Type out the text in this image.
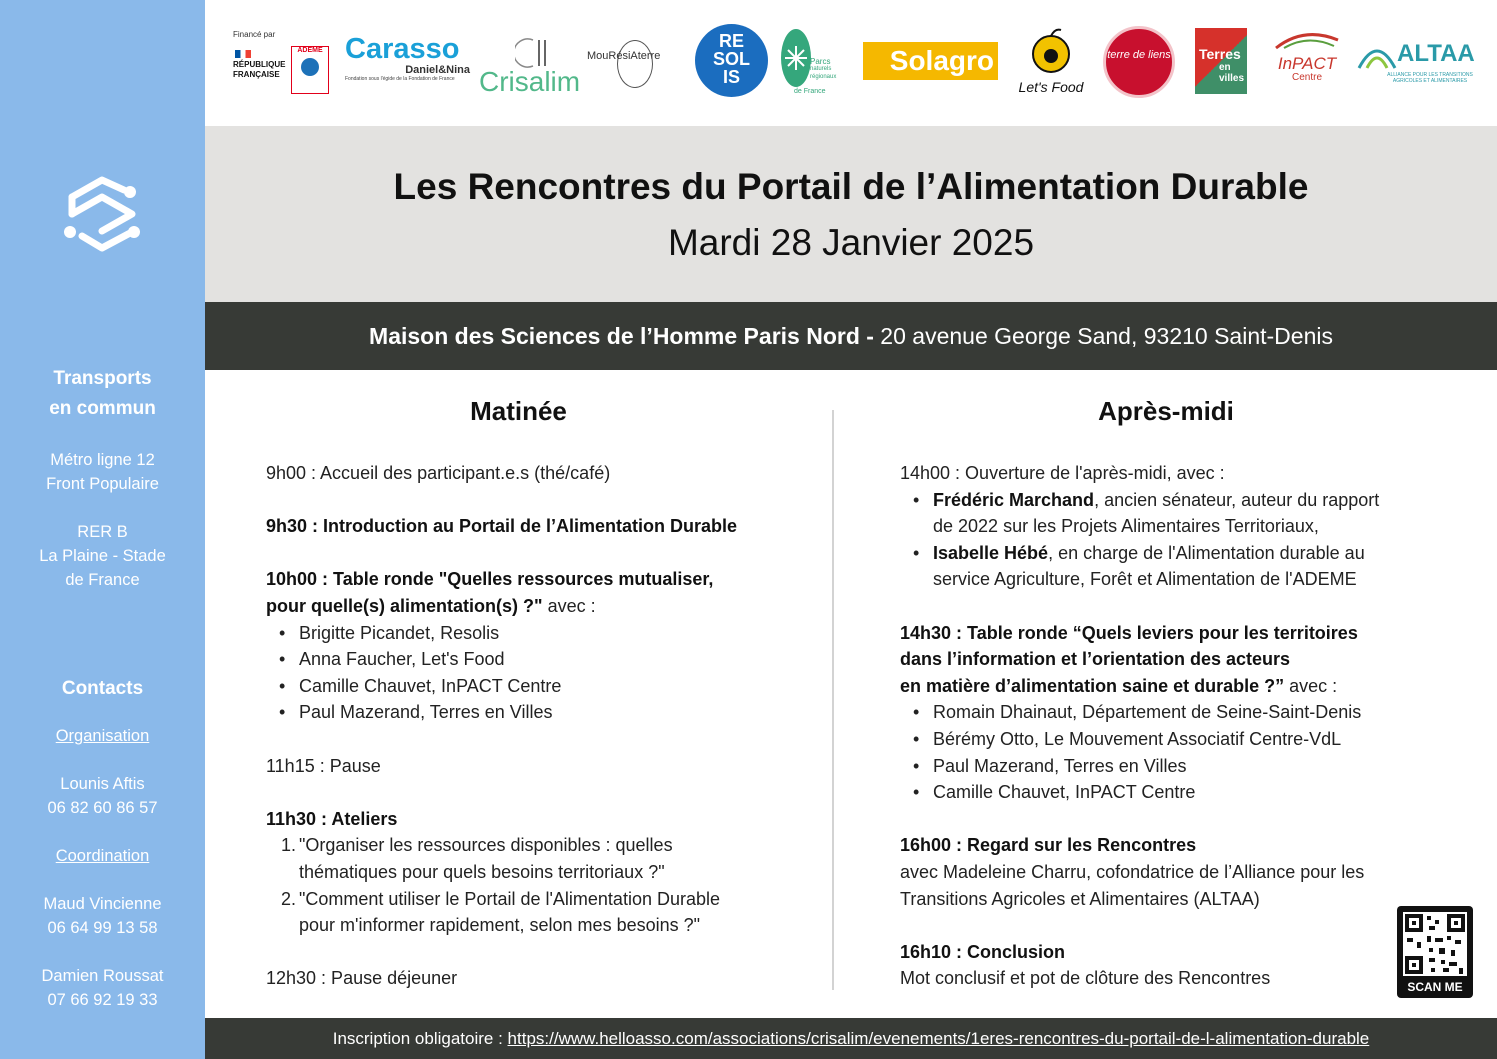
Transports
en commun
Métro ligne 12
Front Populaire
RER B
La Plaine - Stade
de France
Contacts
Organisation
Lounis Aftis
06 82 60 86 57
Coordination
Maud Vincienne
06 64 99 13 58
Damien Roussat
07 66 92 19 33
Financé par
RÉPUBLIQUE
FRANÇAISE
ADEME Carasso
Daniel&Nina
Fondation sous l'égide de la Fondation de France Crisalim
MouRésiAterre
RE
SOL
IS
Parcs
naturels
régionaux
de France
Solagro
Let's Food
terre de liens	Terres
en villes
InPACT
Centre
ALTAA
ALLIANCE POUR LES TRANSITIONS AGRICOLES ET ALIMENTAIRES
Les Rencontres du Portail de l’Alimentation Durable
Mardi 28 Janvier 2025
Maison des Sciences de l’Homme Paris Nord - 20 avenue George Sand, 93210 Saint-Denis
Matinée	Après-midi
9h00 : Accueil des participant.e.s (thé/café)
9h30 : Introduction au Portail de l’Alimentation Durable
10h00 : Table ronde "Quelles ressources mutualiser,
pour quelle(s) alimentation(s) ?" avec :
• Brigitte Picandet, Resolis
• Anna Faucher, Let's Food
• Camille Chauvet, InPACT Centre
• Paul Mazerand, Terres en Villes
11h15 : Pause
11h30 : Ateliers
1. "Organiser les ressources disponibles : quelles
thématiques pour quels besoins territoriaux ?"
2. "Comment utiliser le Portail de l'Alimentation Durable
pour m'informer rapidement, selon mes besoins ?"
12h30 : Pause déjeuner
14h00 : Ouverture de l'après-midi, avec :
• Frédéric Marchand, ancien sénateur, auteur du rapport
de 2022 sur les Projets Alimentaires Territoriaux,
• Isabelle Hébé, en charge de l'Alimentation durable au
service Agriculture, Forêt et Alimentation de l'ADEME
14h30 : Table ronde “Quels leviers pour les territoires
dans l’information et l’orientation des acteurs
en matière d’alimentation saine et durable ?” avec :
• Romain Dhainaut, Département de Seine-Saint-Denis
• Bérémy Otto, Le Mouvement Associatif Centre-VdL
• Paul Mazerand, Terres en Villes
• Camille Chauvet, InPACT Centre
16h00 : Regard sur les Rencontres
avec Madeleine Charru, cofondatrice de l’Alliance pour les
Transitions Agricoles et Alimentaires (ALTAA)
16h10 : Conclusion
Mot conclusif et pot de clôture des Rencontres	SCAN ME
Inscription obligatoire : https://www.helloasso.com/associations/crisalim/evenements/1eres-rencontres-du-portail-de-l-alimentation-durable
